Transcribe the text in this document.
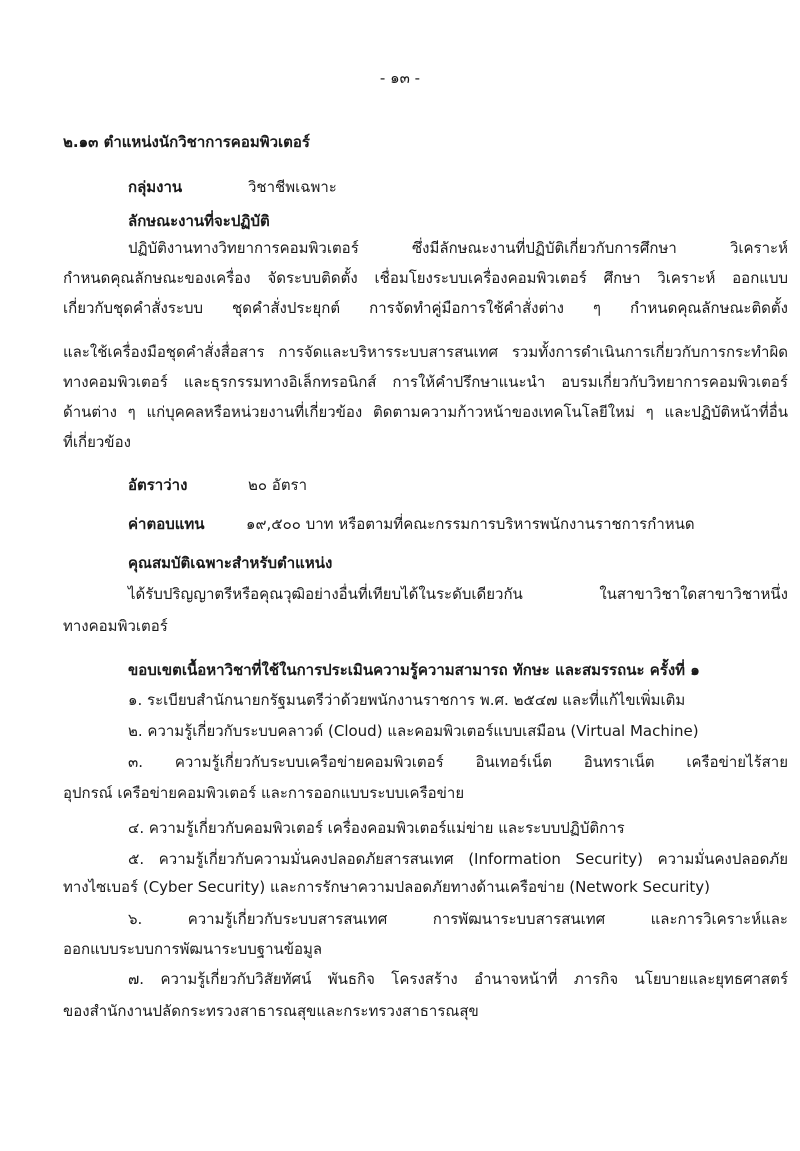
- ๑๓ -
๒.๑๓ ตำแหน่งนักวิชาการคอมพิวเตอร์
กลุ่มงาน	วิชาชีพเฉพาะ
ลักษณะงานที่จะปฏิบัติ
ปฏิบัติงานทางวิทยาการคอมพิวเตอร์ ซึ่งมีลักษณะงานที่ปฏิบัติเกี่ยวกับการศึกษา วิเคราะห์
กำหนดคุณลักษณะของเครื่อง จัดระบบติดตั้ง เชื่อมโยงระบบเครื่องคอมพิวเตอร์ ศึกษา วิเคราะห์ ออกแบบ
เกี่ยวกับชุดคำสั่งระบบ ชุดคำสั่งประยุกต์ การจัดทำคู่มือการใช้คำสั่งต่าง ๆ กำหนดคุณลักษณะติดตั้ง
และใช้เครื่องมือชุดคำสั่งสื่อสาร การจัดและบริหารระบบสารสนเทศ รวมทั้งการดำเนินการเกี่ยวกับการกระทำผิด
ทางคอมพิวเตอร์ และธุรกรรมทางอิเล็กทรอนิกส์ การให้คำปรึกษาแนะนำ อบรมเกี่ยวกับวิทยาการคอมพิวเตอร์
ด้านต่าง ๆ แก่บุคคลหรือหน่วยงานที่เกี่ยวข้อง ติดตามความก้าวหน้าของเทคโนโลยีใหม่ ๆ และปฏิบัติหน้าที่อื่น
ที่เกี่ยวข้อง
อัตราว่าง	๒๐ อัตรา
ค่าตอบแทน	๑๙,๕๐๐ บาท หรือตามที่คณะกรรมการบริหารพนักงานราชการกำหนด
คุณสมบัติเฉพาะสำหรับตำแหน่ง
ได้รับปริญญาตรีหรือคุณวุฒิอย่างอื่นที่เทียบได้ในระดับเดียวกัน ในสาขาวิชาใดสาขาวิชาหนึ่ง
ทางคอมพิวเตอร์
ขอบเขตเนื้อหาวิชาที่ใช้ในการประเมินความรู้ความสามารถ ทักษะ และสมรรถนะ ครั้งที่ ๑
๑. ระเบียบสำนักนายกรัฐมนตรีว่าด้วยพนักงานราชการ พ.ศ. ๒๕๔๗ และที่แก้ไขเพิ่มเติม
๒. ความรู้เกี่ยวกับระบบคลาวด์ (Cloud) และคอมพิวเตอร์แบบเสมือน (Virtual Machine)
๓. ความรู้เกี่ยวกับระบบเครือข่ายคอมพิวเตอร์ อินเทอร์เน็ต อินทราเน็ต เครือข่ายไร้สาย
อุปกรณ์ เครือข่ายคอมพิวเตอร์ และการออกแบบระบบเครือข่าย
๔. ความรู้เกี่ยวกับคอมพิวเตอร์ เครื่องคอมพิวเตอร์แม่ข่าย และระบบปฏิบัติการ
๕. ความรู้เกี่ยวกับความมั่นคงปลอดภัยสารสนเทศ (Information Security) ความมั่นคงปลอดภัย
ทางไซเบอร์ (Cyber Security) และการรักษาความปลอดภัยทางด้านเครือข่าย (Network Security)
๖. ความรู้เกี่ยวกับระบบสารสนเทศ การพัฒนาระบบสารสนเทศ และการวิเคราะห์และ
ออกแบบระบบการพัฒนาระบบฐานข้อมูล
๗. ความรู้เกี่ยวกับวิสัยทัศน์ พันธกิจ โครงสร้าง อำนาจหน้าที่ ภารกิจ นโยบายและยุทธศาสตร์
ของสำนักงานปลัดกระทรวงสาธารณสุขและกระทรวงสาธารณสุข
